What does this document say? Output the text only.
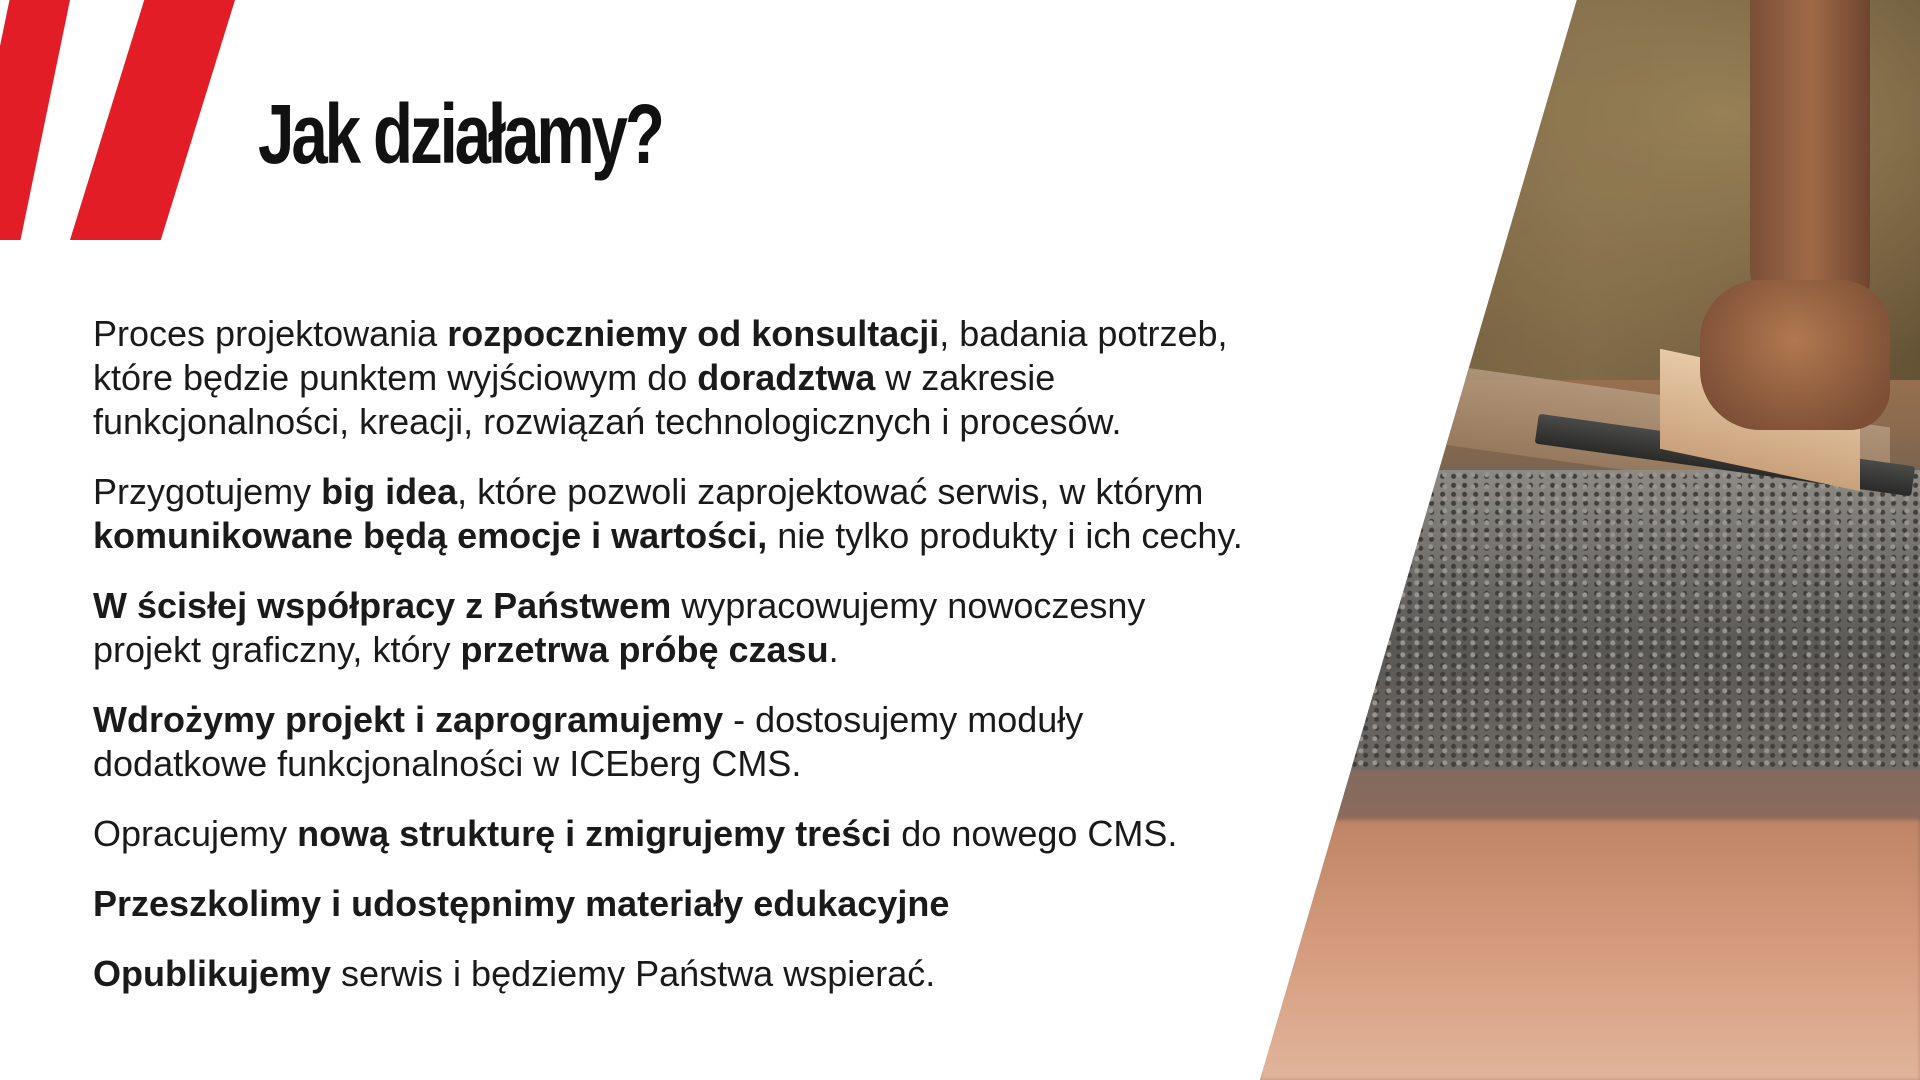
Jak działamy?

Proces projektowania rozpoczniemy od konsultacji, badania potrzeb,
które będzie punktem wyjściowym do doradztwa w zakresie
funkcjonalności, kreacji, rozwiązań technologicznych i procesów.

Przygotujemy big idea, które pozwoli zaprojektować serwis, w którym
komunikowane będą emocje i wartości, nie tylko produkty i ich cechy.

W ścisłej współpracy z Państwem wypracowujemy nowoczesny
projekt graficzny, który przetrwa próbę czasu.

Wdrożymy projekt i zaprogramujemy - dostosujemy moduły
dodatkowe funkcjonalności w ICEberg CMS.

Opracujemy nową strukturę i zmigrujemy treści do nowego CMS.

Przeszkolimy i udostępnimy materiały edukacyjne

Opublikujemy serwis i będziemy Państwa wspierać.
